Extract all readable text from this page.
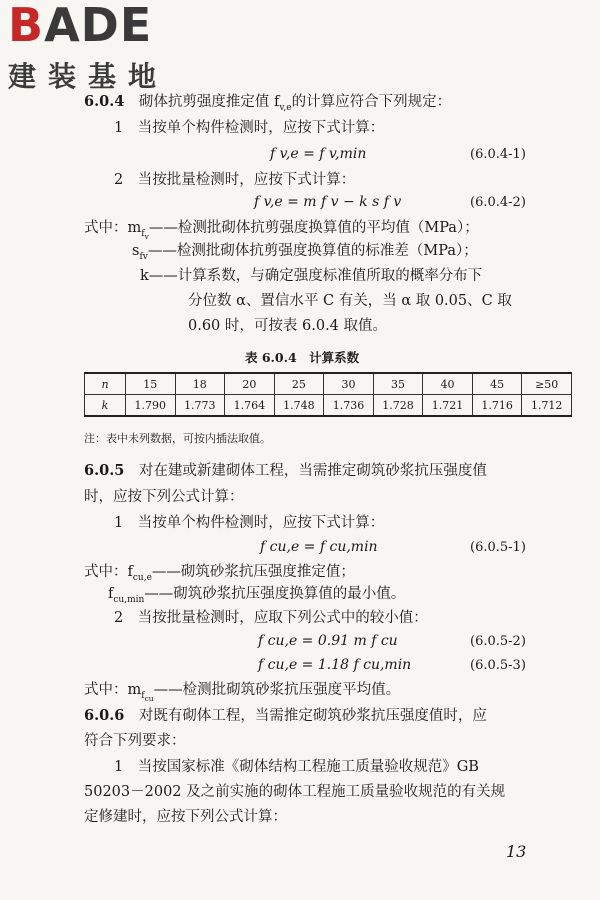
BADE
建装基地
6.0.4　 砌体抗剪强度推定值 $f_{v,e}$的计算应符合下列规定：
1　当按单个构件检测时，应按下式计算：
f v,e = f v,min	(6.0.4-1)
2　当按批量检测时，应按下式计算：
f v,e = m f v − k s f v	(6.0.4-2)
式中：$m_{f_v}——$检测批砌体抗剪强度换算值的平均值（MPa）；
$s_{fv}——$检测批砌体抗剪强度换算值的标准差（MPa）；
k——计算系数，与确定强度标准值所取的概率分布下
分位数 α、置信水平 C 有关，当 α 取 0.05、C 取
0.60 时，可按表 6.0.4 取值。
表 6.0.4　计算系数
n	15	18	20	25	30	35	40	45	≥50
k	1.790	1.773	1.764	1.748	1.736	1.728	1.721	1.716	1.712
注：表中未列数据，可按内插法取值。
6.0.5　 对在建或新建砌体工程，当需推定砌筑砂浆抗压强度值
时，应按下列公式计算：
1　当按单个构件检测时，应按下式计算：
f cu,e = f cu,min	(6.0.5-1)
式中：$f_{cu,e}——$砌筑砂浆抗压强度推定值；
$f_{cu,min}——$砌筑砂浆抗压强度换算值的最小值。
2　当按批量检测时，应取下列公式中的较小值：
f cu,e = 0.91 m f cu	(6.0.5-2)
f cu,e = 1.18 f cu,min	(6.0.5-3)
式中：$m_{f_{cu}}——$检测批砌筑砂浆抗压强度平均值。
6.0.6　 对既有砌体工程，当需推定砌筑砂浆抗压强度值时，应
符合下列要求：
1　当按国家标准《砌体结构工程施工质量验收规范》GB
50203－2002 及之前实施的砌体工程施工质量验收规范的有关规
定修建时，应按下列公式计算：
13
